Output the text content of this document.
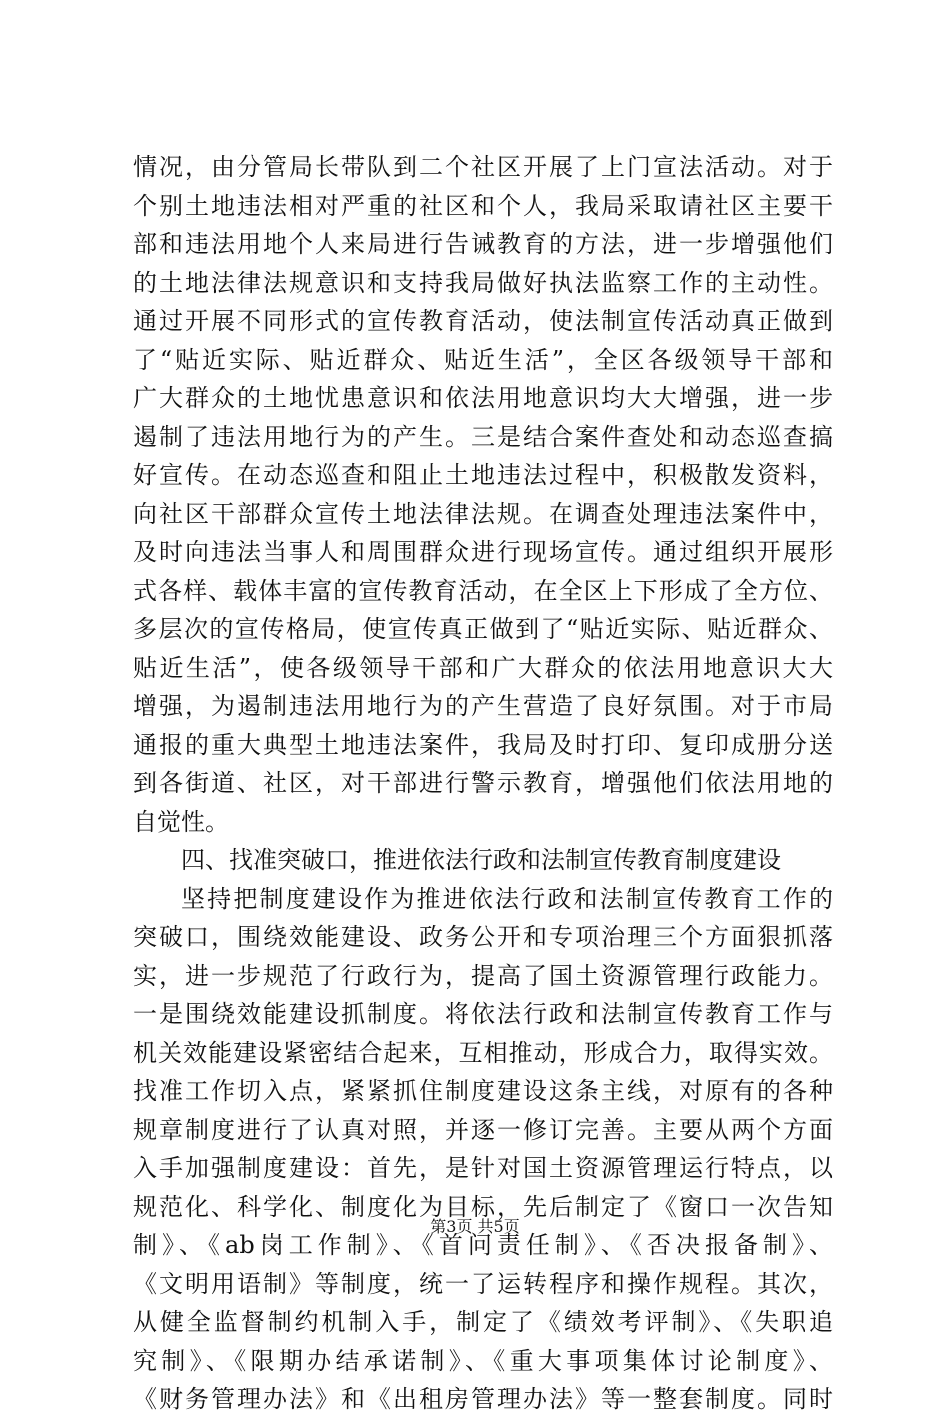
情况，由分管局长带队到二个社区开展了上门宣法活动。对于
个别土地违法相对严重的社区和个人，我局采取请社区主要干
部和违法用地个人来局进行告诫教育的方法，进一步增强他们
的土地法律法规意识和支持我局做好执法监察工作的主动性。
通过开展不同形式的宣传教育活动，使法制宣传活动真正做到
了“贴近实际、贴近群众、贴近生活”，全区各级领导干部和
广大群众的土地忧患意识和依法用地意识均大大增强，进一步
遏制了违法用地行为的产生。三是结合案件查处和动态巡查搞
好宣传。在动态巡查和阻止土地违法过程中，积极散发资料，
向社区干部群众宣传土地法律法规。在调查处理违法案件中，
及时向违法当事人和周围群众进行现场宣传。通过组织开展形
式各样、载体丰富的宣传教育活动，在全区上下形成了全方位、
多层次的宣传格局，使宣传真正做到了“贴近实际、贴近群众、
贴近生活”，使各级领导干部和广大群众的依法用地意识大大
增强，为遏制违法用地行为的产生营造了良好氛围。对于市局
通报的重大典型土地违法案件，我局及时打印、复印成册分送
到各街道、社区，对干部进行警示教育，增强他们依法用地的
自觉性。
四、找准突破口，推进依法行政和法制宣传教育制度建设
坚持把制度建设作为推进依法行政和法制宣传教育工作的
突破口，围绕效能建设、政务公开和专项治理三个方面狠抓落
实，进一步规范了行政行为，提高了国土资源管理行政能力。
一是围绕效能建设抓制度。将依法行政和法制宣传教育工作与
机关效能建设紧密结合起来，互相推动，形成合力，取得实效。
找准工作切入点，紧紧抓住制度建设这条主线，对原有的各种
规章制度进行了认真对照，并逐一修订完善。主要从两个方面
入手加强制度建设：首先，是针对国土资源管理运行特点，以
规范化、科学化、制度化为目标，先后制定了《窗口一次告知
制》、《ab岗工作制》、《首问责任制》、《否决报备制》、
《文明用语制》等制度，统一了运转程序和操作规程。其次，
从健全监督制约机制入手，制定了《绩效考评制》、《失职追
究制》、《限期办结承诺制》、《重大事项集体讨论制度》、
《财务管理办法》和《出租房管理办法》等一整套制度。同时
第3页 共5页
